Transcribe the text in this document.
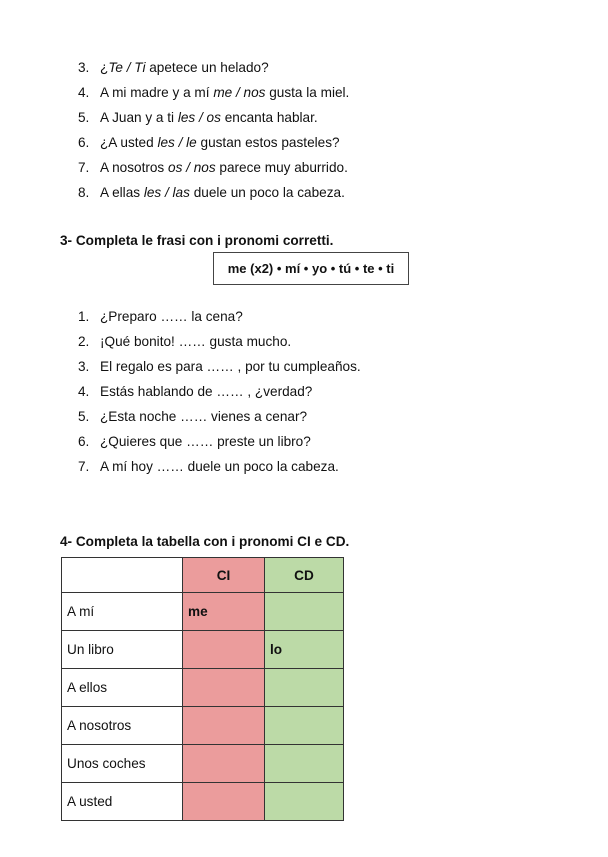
3. ¿Te / Ti apetece un helado?
4. A mi madre y a mí me / nos gusta la miel.
5. A Juan y a ti les / os encanta hablar.
6. ¿A usted les / le gustan estos pasteles?
7. A nosotros os / nos parece muy aburrido.
8. A ellas les / las duele un poco la cabeza.
3- Completa le frasi con i pronomi corretti.
me (x2) • mí • yo • tú • te • ti
1. ¿Preparo …… la cena?
2. ¡Qué bonito! …… gusta mucho.
3. El regalo es para …… , por tu cumpleaños.
4. Estás hablando de …… , ¿verdad?
5. ¿Esta noche …… vienes a cenar?
6. ¿Quieres que …… preste un libro?
7. A mí hoy …… duele un poco la cabeza.
4- Completa la tabella con i pronomi CI e CD.
	CI	CD
A mí	me	
Un libro		lo
A ellos		
A nosotros		
Unos coches		
A usted		
